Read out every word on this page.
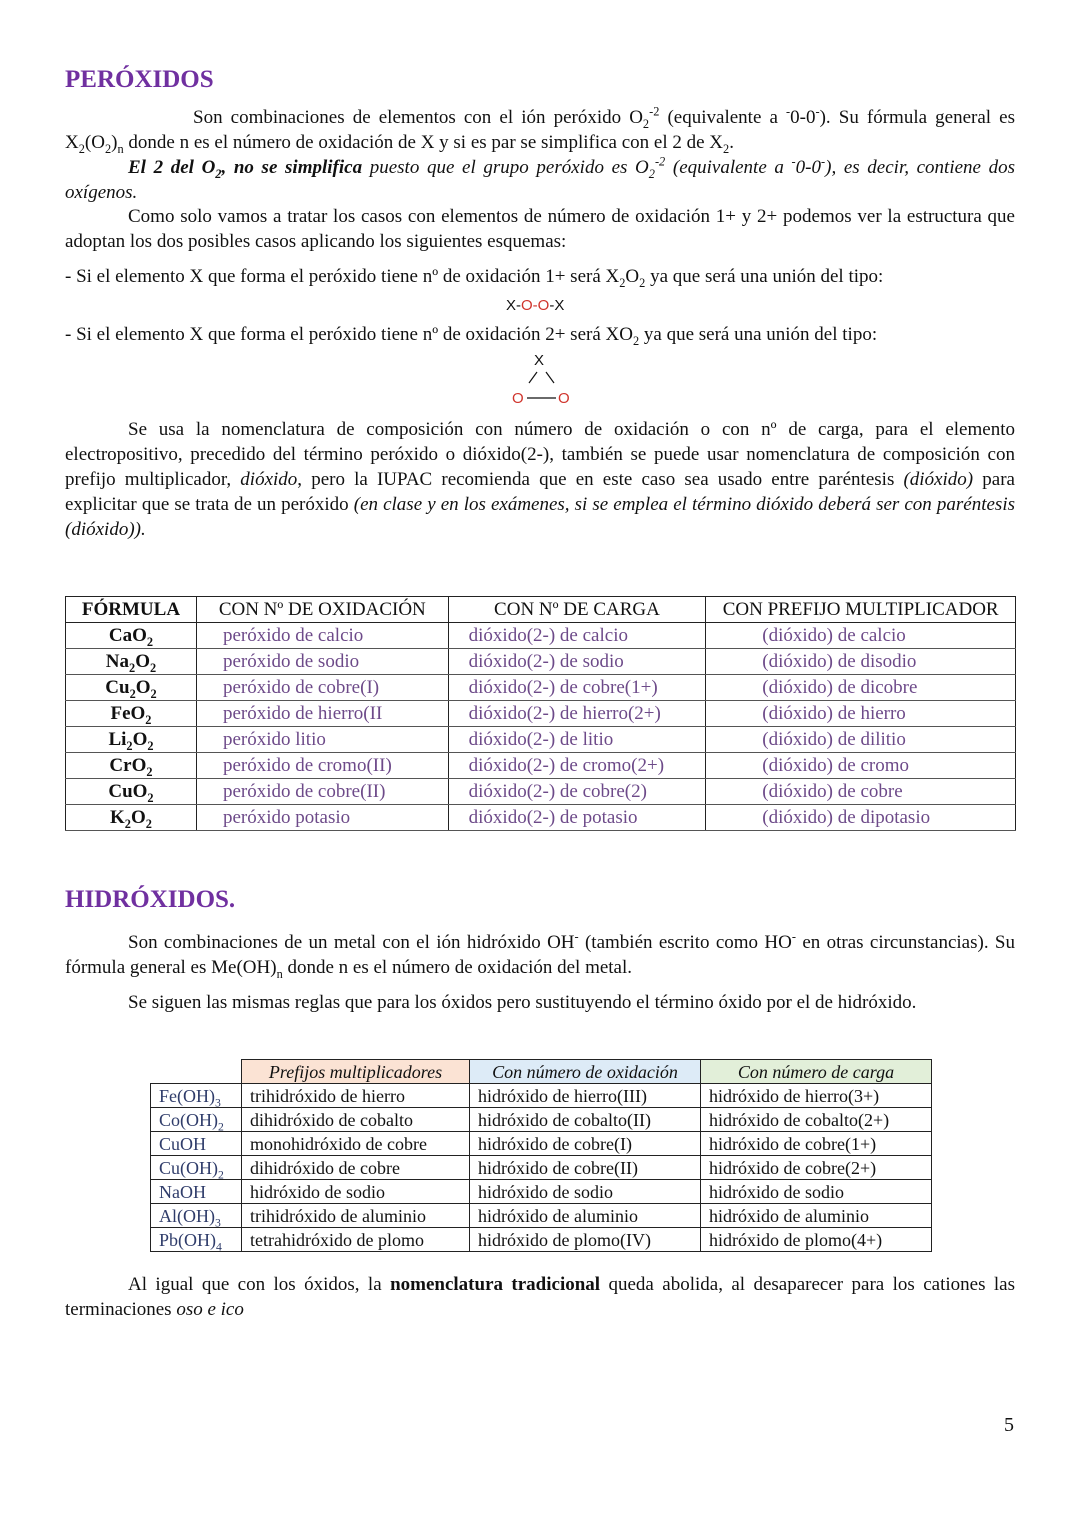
PERÓXIDOS
Son combinaciones de elementos con el ión peróxido $O_2^{-2}$ (equivalente a -0-0-). Su fórmula general es $X_2(O_2)_n$ donde n es el número de oxidación de X y si es par se simplifica con el 2 de $X_2$.
El 2 del $O_2$, no se simplifica puesto que el grupo peróxido es $O_2^{-2}$ (equivalente a -0-0-), es decir, contiene dos oxígenos.
Como solo vamos a tratar los casos con elementos de número de oxidación 1+ y 2+ podemos ver la estructura que adoptan los dos posibles casos aplicando los siguientes esquemas:
- Si el elemento X que forma el peróxido tiene nº de oxidación 1+ será $X_2O_2$ ya que será una unión del tipo:
X-O-O-X
- Si el elemento X que forma el peróxido tiene nº de oxidación 2+ será $XO_2$ ya que será una unión del tipo:
X
O O
Se usa la nomenclatura de composición con número de oxidación o con nº de carga, para el elemento electropositivo, precedido del término peróxido o dióxido(2-), también se puede usar nomenclatura de composición con prefijo multiplicador, dióxido, pero la IUPAC recomienda que en este caso sea usado entre paréntesis (dióxido) para explicitar que se trata de un peróxido (en clase y en los exámenes, si se emplea el término dióxido deberá ser con paréntesis (dióxido)).
FÓRMULA	CON Nº DE OXIDACIÓN	CON Nº DE CARGA	CON PREFIJO MULTIPLICADOR
CaO$_2$	peróxido de calcio	dióxido(2-) de calcio	(dióxido) de calcio
$Na_2O_2$	peróxido de sodio	dióxido(2-) de sodio	(dióxido) de disodio
$Cu_2O_2$	peróxido de cobre(I)	dióxido(2-) de cobre(1+)	(dióxido) de dicobre
FeO$_2$	peróxido de hierro(II	dióxido(2-) de hierro(2+)	(dióxido) de hierro
$Li_2O_2$	peróxido litio	dióxido(2-) de litio	(dióxido) de dilitio
CrO$_2$	peróxido de cromo(II)	dióxido(2-) de cromo(2+)	(dióxido) de cromo
CuO$_2$	peróxido de cobre(II)	dióxido(2-) de cobre(2)	(dióxido) de cobre
$K_2O_2$	peróxido potasio	dióxido(2-) de potasio	(dióxido) de dipotasio
HIDRÓXIDOS.
Son combinaciones de un metal con el ión hidróxido OH- (también escrito como HO- en otras circunstancias). Su fórmula general es $Me(OH)_n$ donde n es el número de oxidación del metal.
Se siguen las mismas reglas que para los óxidos pero sustituyendo el término óxido por el de hidróxido.
	Prefijos multiplicadores	Con número de oxidación	Con número de carga
$Fe(OH)_3$	trihidróxido de hierro	hidróxido de hierro(III)	hidróxido de hierro(3+)
$Co(OH)_2$	dihidróxido de cobalto	hidróxido de cobalto(II)	hidróxido de cobalto(2+)
CuOH	monohidróxido de cobre	hidróxido de cobre(I)	hidróxido de cobre(1+)
$Cu(OH)_2$	dihidróxido de cobre	hidróxido de cobre(II)	hidróxido de cobre(2+)
NaOH	hidróxido de sodio	hidróxido de sodio	hidróxido de sodio
$Al(OH)_3$	trihidróxido de aluminio	hidróxido de aluminio	hidróxido de aluminio
$Pb(OH)_4$	tetrahidróxido de plomo	hidróxido de plomo(IV)	hidróxido de plomo(4+)
Al igual que con los óxidos, la nomenclatura tradicional queda abolida, al desaparecer para los cationes las terminaciones oso e ico
5
